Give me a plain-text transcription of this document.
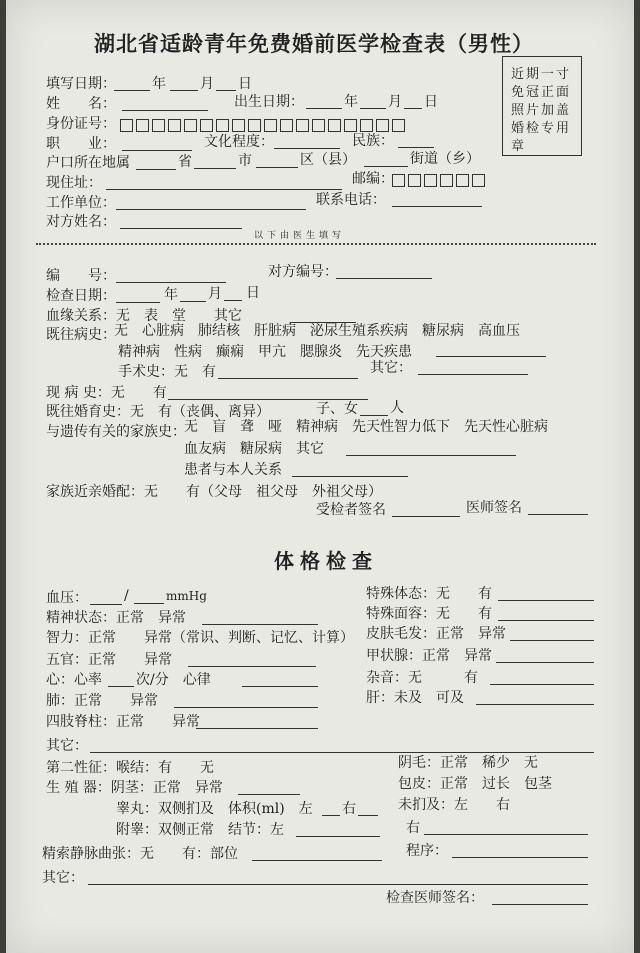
湖北省适龄青年免费婚前医学检查表（男性）
近期一寸
免冠正面
照片加盖
婚检专用
章
填写日期：	年 月 日
姓　　名：	出生日期：	年 月 日
身份证号：
职　　业：	文化程度：	民族：
户口所在地属	省	市	区（县）	街道（乡）
现住址：	邮编：
工作单位：	联系电话：
对方姓名：
以下由医生填写
编　　号：	对方编号：
检查日期：	年 月 日
血缘关系：无　表　堂　　其它
既往病史：
无　心脏病　肺结核　肝脏病　泌尿生殖系疾病　糖尿病　高血压
精神病　性病　癫痫　甲亢　腮腺炎　先天疾患
手术史：无　有	其它：
现 病 史：无　　有
既往婚育史：无　有（丧偶、离异）	子、女 人
与遗传有关的家族史：
无　盲　聋　哑　精神病　先天性智力低下　先天性心脏病
血友病　糖尿病　其它
患者与本人关系
家族近亲婚配：无　　有（父母　祖父母　外祖父母）
受检者签名	医师签名
体格检查
血压：	/	mmHg
精神状态：正常　异常
智力：正常　　异常（常识、判断、记忆、计算）
五官：正常　　异常
心：心率 次/分　心律
肺：正常　　异常
四肢脊柱：正常　　异常
特殊体态：无　　有
特殊面容：无　　有
皮肤毛发：正常　异常
甲状腺：正常　异常
杂音：无　　　有
肝：未及　可及
其它：
第二性征：喉结：有　　无	阴毛：正常　稀少　无
生 殖 器：阴茎：正常　异常	包皮：正常　过长　包茎
睾丸：双侧扪及　体积(ml)　左 右	未扪及：左　　右
附睾：双侧正常　结节：左	右
精索静脉曲张：无　　有：部位	程序：
其它：
检查医师签名：
